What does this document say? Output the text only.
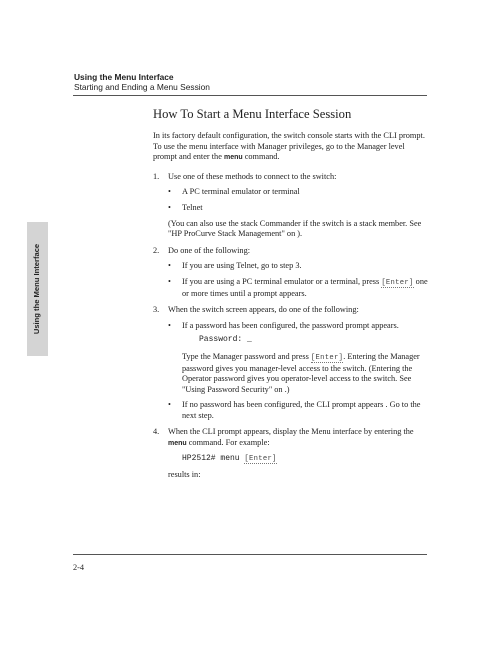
Using the Menu Interface
Starting and Ending a Menu Session
Using the Menu Interface
How To Start a Menu Interface Session

In its factory default configuration, the switch console starts with the CLI prompt. To use the menu interface with Manager privileges, go to the Manager level prompt and enter the menu command.

1. Use one of these methods to connect to the switch:

• A PC terminal emulator or terminal
• Telnet

(You can also use the stack Commander if the switch is a stack member. See "HP ProCurve Stack Management" on ).

2. Do one of the following:

• If you are using Telnet, go to step 3.
• If you are using a PC terminal emulator or a terminal, press [Enter] one or more times until a prompt appears.
3. When the switch screen appears, do one of the following:

• If a password has been configured, the password prompt appears.
Password: _

Type the Manager password and press [Enter]. Entering the Manager password gives you manager-level access to the switch. (Entering the Operator password gives you operator-level access to the switch. See "Using Password Security" on .)

• If no password has been configured, the CLI prompt appears . Go to the next step.
4. When the CLI prompt appears, display the Menu interface by entering the menu command. For example:

HP2512# menu [Enter]

results in:

2-4
